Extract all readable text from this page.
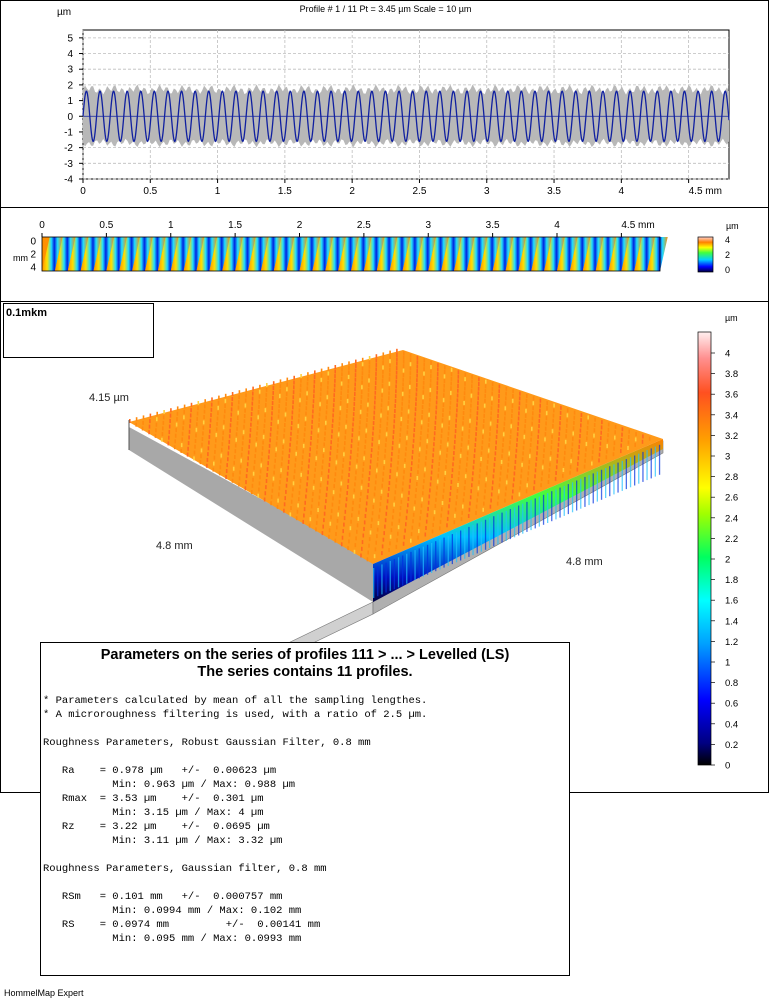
Profile # 1 / 11 Pt = 3.45 µm Scale = 10 µm
5
4
3
2
1
0
-1
-2
-3
-4
0	0.5	1	1.5	2	2.5	3	3.5	4	4.5 mm
µm
0	0.5	1	1.5	2	2.5	3	3.5	4	4.5 mm
0
2
4
4
2
0
µm
mm
0.1mkm
4.15 µm
4.8 mm
4.8 mm
µm
4
3.8
3.6
3.4
3.2
3
2.8
2.6
2.4
2.2
2
1.8
1.6
1.4
1.2
1
0.8
0.6
0.4
0.2
0
Parameters on the series of profiles 111 > ... > Levelled (LS)
The series contains 11 profiles.
* Parameters calculated by mean of all the sampling lengthes.
* A microroughness filtering is used, with a ratio of 2.5 µm.

Roughness Parameters, Robust Gaussian Filter, 0.8 mm

Ra    = 0.978 µm   +/-  0.00623 µm
Min: 0.963 µm / Max: 0.988 µm
Rmax  = 3.53 µm    +/-  0.301 µm
Min: 3.15 µm / Max: 4 µm
Rz    = 3.22 µm    +/-  0.0695 µm
Min: 3.11 µm / Max: 3.32 µm

Roughness Parameters, Gaussian filter, 0.8 mm

RSm   = 0.101 mm   +/-  0.000757 mm
Min: 0.0994 mm / Max: 0.102 mm
RS    = 0.0974 mm         +/-  0.00141 mm
Min: 0.095 mm / Max: 0.0993 mm
HommelMap Expert
